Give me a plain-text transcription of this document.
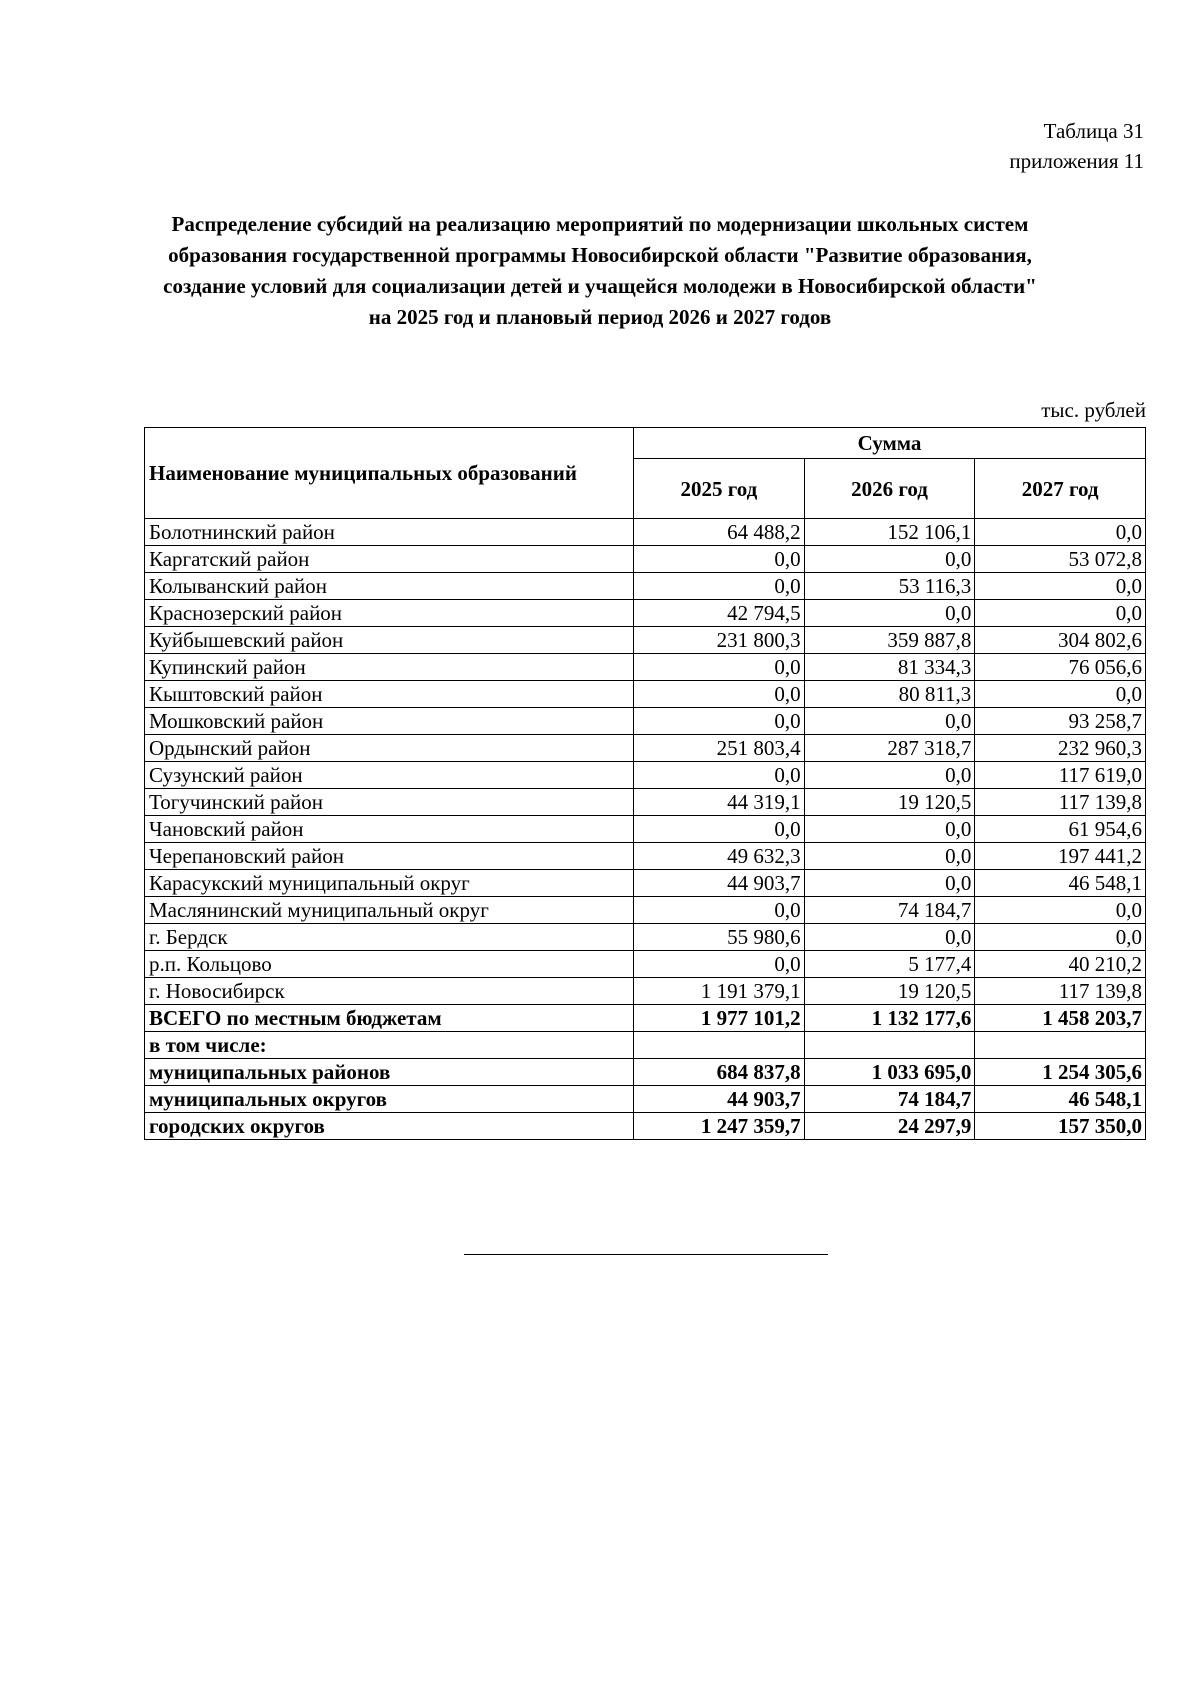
Таблица 31
приложения 11
Распределение субсидий на реализацию мероприятий по модернизации школьных систем
образования государственной программы Новосибирской области "Развитие образования,
создание условий для социализации детей и учащейся молодежи в Новосибирской области"
на 2025 год и плановый период 2026 и 2027 годов
тыс. рублей
Наименование муниципальных образований	Сумма		
	2025 год	2026 год	2027 год
Болотнинский район	64 488,2	152 106,1	0,0
Каргатский район	0,0	0,0	53 072,8
Колыванский район	0,0	53 116,3	0,0
Краснозерский район	42 794,5	0,0	0,0
Куйбышевский район	231 800,3	359 887,8	304 802,6
Купинский район	0,0	81 334,3	76 056,6
Кыштовский район	0,0	80 811,3	0,0
Мошковский район	0,0	0,0	93 258,7
Ордынский район	251 803,4	287 318,7	232 960,3
Сузунский район	0,0	0,0	117 619,0
Тогучинский район	44 319,1	19 120,5	117 139,8
Чановский район	0,0	0,0	61 954,6
Черепановский район	49 632,3	0,0	197 441,2
Карасукский муниципальный округ	44 903,7	0,0	46 548,1
Маслянинский муниципальный округ	0,0	74 184,7	0,0
г. Бердск	55 980,6	0,0	0,0
р.п. Кольцово	0,0	5 177,4	40 210,2
г. Новосибирск	1 191 379,1	19 120,5	117 139,8
ВСЕГО по местным бюджетам	1 977 101,2	1 132 177,6	1 458 203,7
в том числе:			
муниципальных районов	684 837,8	1 033 695,0	1 254 305,6
муниципальных округов	44 903,7	74 184,7	46 548,1
городских округов	1 247 359,7	24 297,9	157 350,0
